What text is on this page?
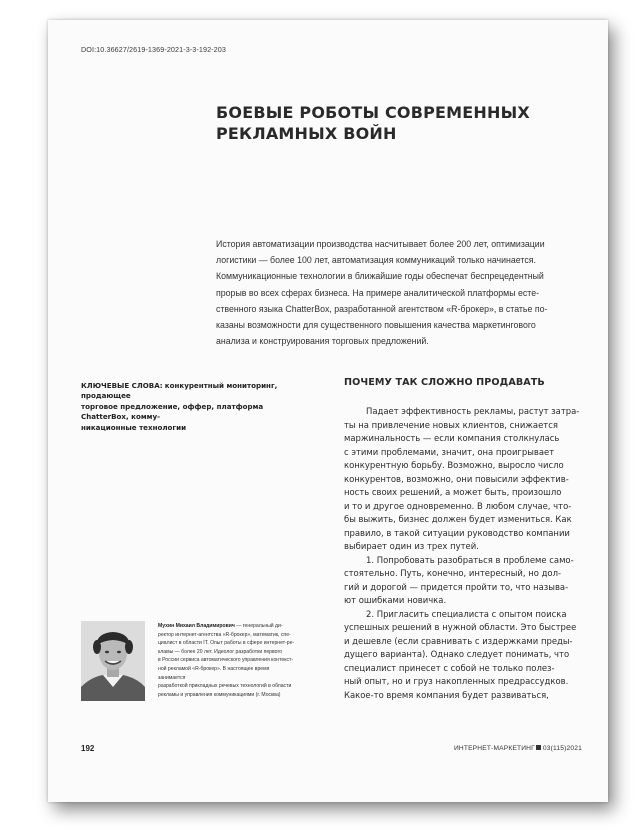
DOI:10.36627/2619-1369-2021-3-3-192-203
БОЕВЫЕ РОБОТЫ СОВРЕМЕННЫХ
РЕКЛАМНЫХ ВОЙН
История автоматизации производства насчитывает более 200 лет, оптимизации
логистики — более 100 лет, автоматизация коммуникаций только начинается.
Коммуникационные технологии в ближайшие годы обеспечат беспрецедентный
прорыв во всех сферах бизнеса. На примере аналитической платформы есте-
ственного языка ChatterBox, разработанной агентством «R-брокер», в статье по-
казаны возможности для существенного повышения качества маркетингового
анализа и конструирования торговых предложений.
КЛЮЧЕВЫЕ СЛОВА: конкурентный мониторинг, продающее
торговое предложение, оффер, платформа ChatterBox, комму-
никационные технологии
ПОЧЕМУ ТАК СЛОЖНО ПРОДАВАТЬ

Падает эффективность рекламы, растут затра-

ты на привлечение новых клиентов, снижается

маржинальность — если компания столкнулась

с этими проблемами, значит, она проигрывает

конкурентную борьбу. Возможно, выросло число

конкурентов, возможно, они повысили эффектив-

ность своих решений, а может быть, произошло

и то и другое одновременно. В любом случае, что-

бы выжить, бизнес должен будет измениться. Как

правило, в такой ситуации руководство компании

выбирает один из трех путей.

1. Попробовать разобраться в проблеме само-

стоятельно. Путь, конечно, интересный, но дол-

гий и дорогой — придется пройти то, что называ-

ют ошибками новичка.

2. Пригласить специалиста с опытом поиска

успешных решений в нужной области. Это быстрее

и дешевле (если сравнивать с издержками преды-

дущего варианта). Однако следует понимать, что

специалист принесет с собой не только полез-

ный опыт, но и груз накопленных предрассудков.

Какое-то время компания будет развиваться,

Мухин Михаил Владимирович — генеральный ди-
ректор интернет-агентства «R-брокер», математик, спе-
циалист в области IT. Опыт работы в сфере интернет-ре-
кламы — более 20 лет. Идеолог разработки первого
в России сервиса автоматического управления контекст-
ной рекламой «R-брокер». В настоящее время занимается
разработкой прикладных речевых технологий в области
рекламы и управления коммуникациями (г. Москва)
192	ИНТЕРНЕТ-МАРКЕТИНГ 03(115)2021
